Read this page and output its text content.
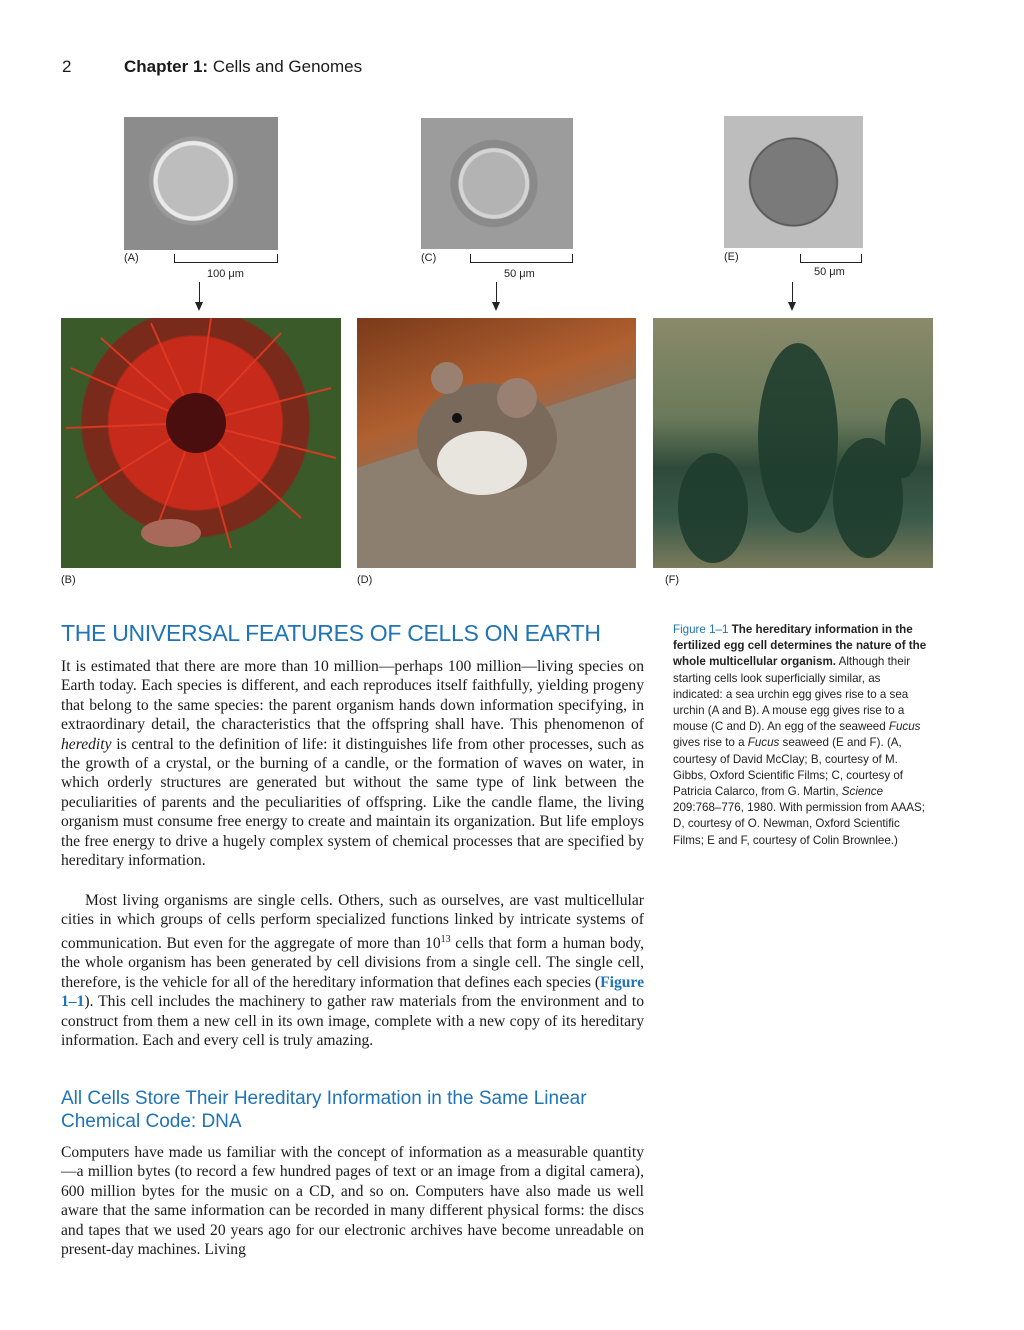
2	Chapter 1: Cells and Genomes
(A)
100 μm
(C)
50 μm
(E)
50 μm
(B)	(D)	(F)
THE UNIVERSAL FEATURES OF CELLS ON EARTH

It is estimated that there are more than 10 million—perhaps 100 million—living species on Earth today. Each species is different, and each reproduces itself faithfully, yielding progeny that belong to the same species: the parent organism hands down information specifying, in extraordinary detail, the characteristics that the offspring shall have. This phenomenon of heredity is central to the definition of life: it distinguishes life from other processes, such as the growth of a crystal, or the burning of a candle, or the formation of waves on water, in which orderly structures are generated but without the same type of link between the peculiarities of parents and the peculiarities of offspring. Like the candle flame, the living organism must consume free energy to create and maintain its organization. But life employs the free energy to drive a hugely complex system of chemical processes that are specified by hereditary information.

Most living organisms are single cells. Others, such as ourselves, are vast multicellular cities in which groups of cells perform specialized functions linked by intricate systems of communication. But even for the aggregate of more than $10^{13}$ cells that form a human body, the whole organism has been generated by cell divisions from a single cell. The single cell, therefore, is the vehicle for all of the hereditary information that defines each species (Figure 1–1). This cell includes the machinery to gather raw materials from the environment and to construct from them a new cell in its own image, complete with a new copy of its hereditary information. Each and every cell is truly amazing.

All Cells Store Their Hereditary Information in the Same Linear Chemical Code: DNA

Computers have made us familiar with the concept of information as a measurable quantity—a million bytes (to record a few hundred pages of text or an image from a digital camera), 600 million bytes for the music on a CD, and so on. Computers have also made us well aware that the same information can be recorded in many different physical forms: the discs and tapes that we used 20 years ago for our electronic archives have become unreadable on present-day machines. Living

Figure 1–1 The hereditary information in the fertilized egg cell determines the nature of the whole multicellular organism. Although their starting cells look superficially similar, as indicated: a sea urchin egg gives rise to a sea urchin (A and B). A mouse egg gives rise to a mouse (C and D). An egg of the seaweed Fucus gives rise to a Fucus seaweed (E and F). (A, courtesy of David McClay; B, courtesy of M. Gibbs, Oxford Scientific Films; C, courtesy of Patricia Calarco, from G. Martin, Science 209:768–776, 1980. With permission from AAAS; D, courtesy of O. Newman, Oxford Scientific Films; E and F, courtesy of Colin Brownlee.)
